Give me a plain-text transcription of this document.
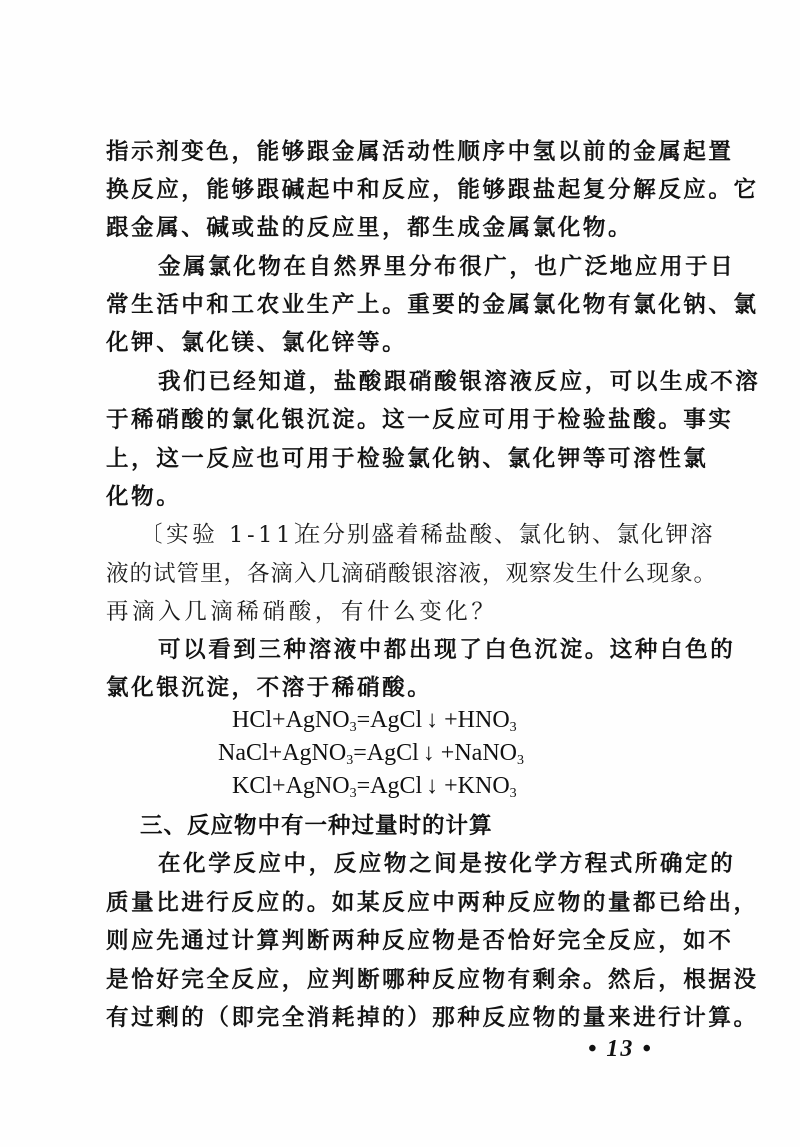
指示剂变色，能够跟金属活动性顺序中氢以前的金属起置
换反应，能够跟碱起中和反应，能够跟盐起复分解反应。它
跟金属、碱或盐的反应里，都生成金属氯化物。
金属氯化物在自然界里分布很广，也广泛地应用于日
常生活中和工农业生产上。重要的金属氯化物有氯化钠、氯
化钾、氯化镁、氯化锌等。
我们已经知道，盐酸跟硝酸银溶液反应，可以生成不溶
于稀硝酸的氯化银沉淀。这一反应可用于检验盐酸。事实
上，这一反应也可用于检验氯化钠、氯化钾等可溶性氯
化物。
〔实验 1-11〕
在分别盛着稀盐酸、氯化钠、氯化钾溶
液的试管里，各滴入几滴硝酸银溶液，观察发生什么现象。
再滴入几滴稀硝酸，有什么变化？
可以看到三种溶液中都出现了白色沉淀。这种白色的
氯化银沉淀，不溶于稀硝酸。
HCl+AgNO$_3$=AgCl ↓ $+HNO_3$
NaCl+AgNO$_3$=AgCl ↓ +NaNO$_3$
KCl+AgNO$_3$=AgCl ↓ $+KNO_3$
三、反应物中有一种过量时的计算
在化学反应中，反应物之间是按化学方程式所确定的
质量比进行反应的。如某反应中两种反应物的量都已给出，
则应先通过计算判断两种反应物是否恰好完全反应，如不
是恰好完全反应，应判断哪种反应物有剩余。然后，根据没
有过剩的（即完全消耗掉的）那种反应物的量来进行计算。
• 13 •
